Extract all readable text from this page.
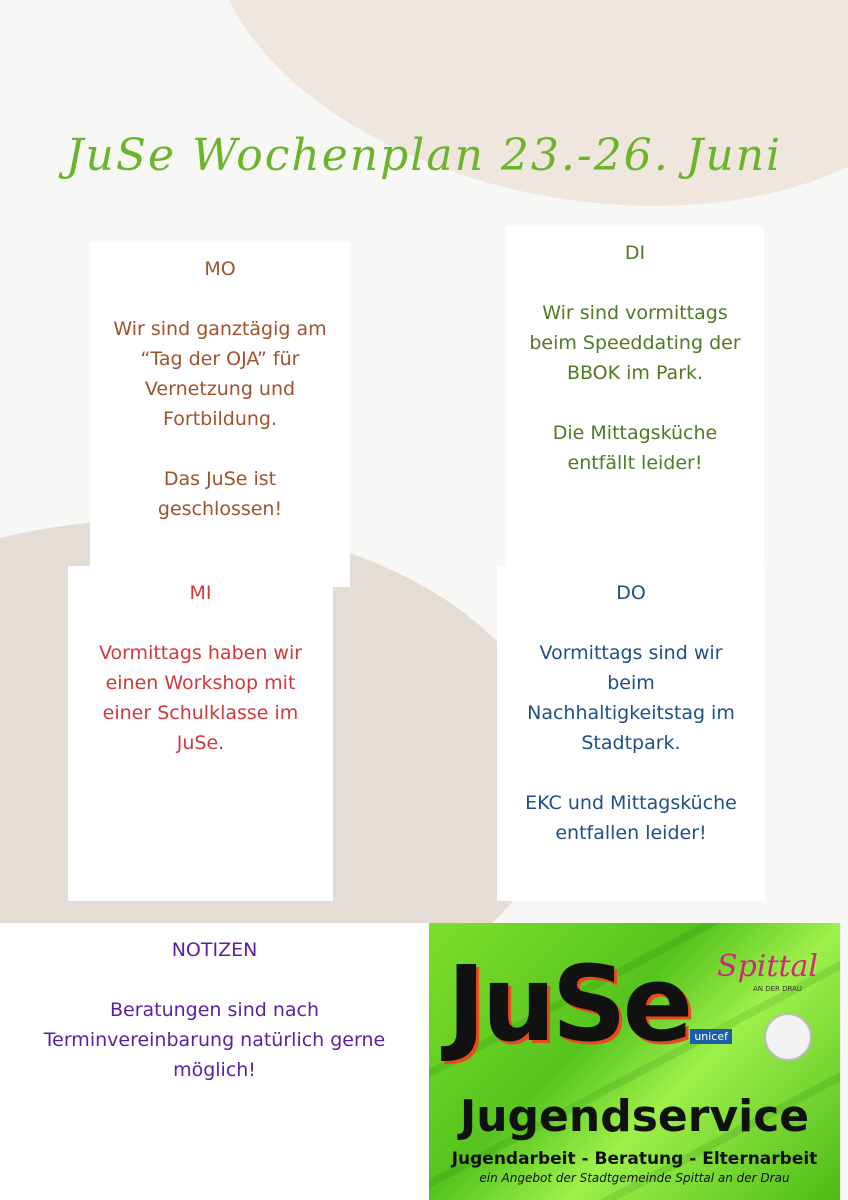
JuSe Wochenplan 23.-26. Juni
MO
Wir sind ganztägig am
“Tag der OJA” für
Vernetzung und
Fortbildung.

Das JuSe ist
geschlossen!
DI
Wir sind vormittags
beim Speeddating der
BBOK im Park.

Die Mittagsküche
entfällt leider!
MI
Vormittags haben wir
einen Workshop mit
einer Schulklasse im
JuSe.
DO
Vormittags sind wir
beim
Nachhaltigkeitstag im
Stadtpark.

EKC und Mittagsküche
entfallen leider!
NOTIZEN
Beratungen sind nach
Terminvereinbarung natürlich gerne
möglich!
JuSe Spittal
AN DER DRAU
unicef
Jugendservice
Jugendarbeit - Beratung - Elternarbeit
ein Angebot der Stadtgemeinde Spittal an der Drau
